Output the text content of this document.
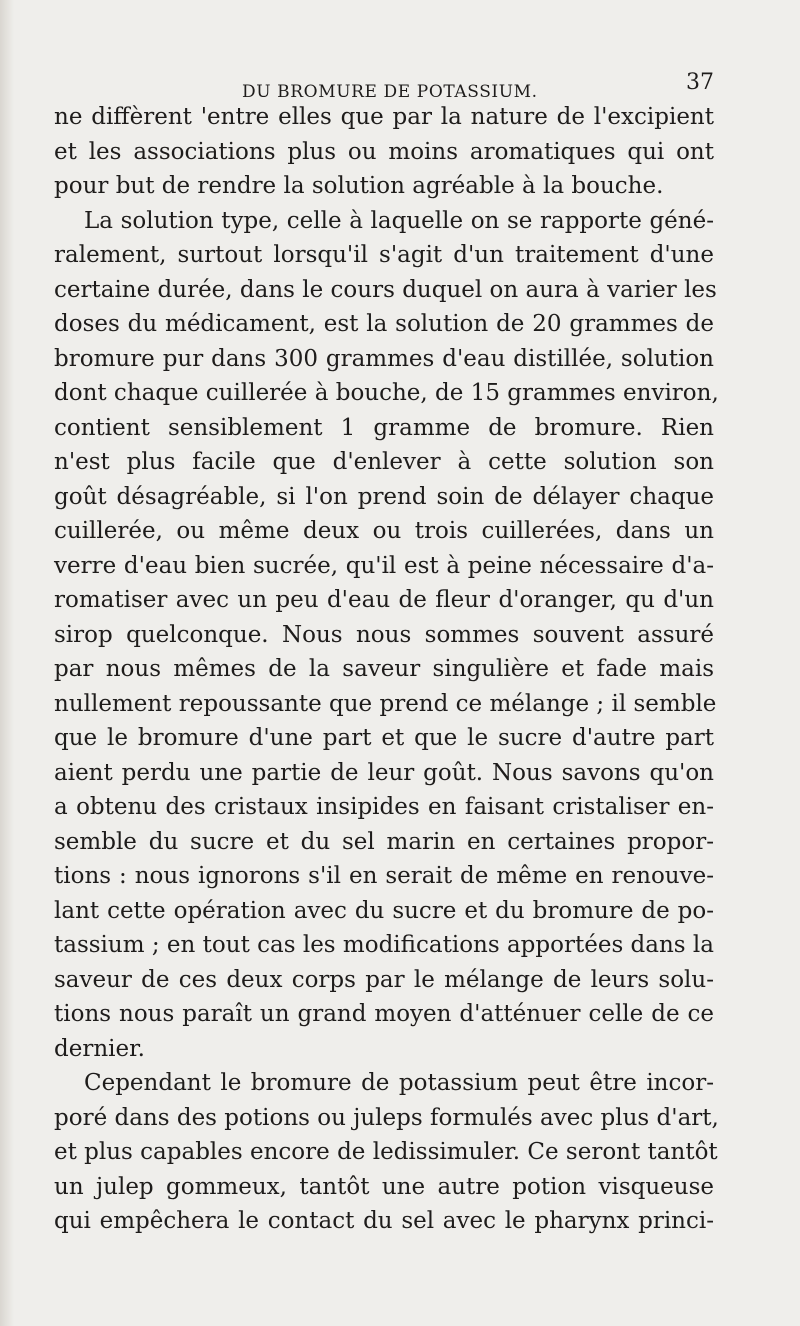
DU BROMURE DE POTASSIUM.	37
ne diffèrent 'entre elles que par la nature de l'excipient
et les associations plus ou moins aromatiques qui ont
pour but de rendre la solution agréable à la bouche.
La solution type, celle à laquelle on se rapporte géné-
ralement, surtout lorsqu'il s'agit d'un traitement d'une
certaine durée, dans le cours duquel on aura à varier les
doses du médicament, est la solution de 20 grammes de
bromure pur dans 300 grammes d'eau distillée, solution
dont chaque cuillerée à bouche, de 15 grammes environ,
contient sensiblement 1 gramme de bromure. Rien
n'est plus facile que d'enlever à cette solution son
goût désagréable, si l'on prend soin de délayer chaque
cuillerée, ou même deux ou trois cuillerées, dans un
verre d'eau bien sucrée, qu'il est à peine nécessaire d'a-
romatiser avec un peu d'eau de fleur d'oranger, qu d'un
sirop quelconque. Nous nous sommes souvent assuré
par nous mêmes de la saveur singulière et fade mais
nullement repoussante que prend ce mélange ; il semble
que le bromure d'une part et que le sucre d'autre part
aient perdu une partie de leur goût. Nous savons qu'on
a obtenu des cristaux insipides en faisant cristaliser en-
semble du sucre et du sel marin en certaines propor-
tions : nous ignorons s'il en serait de même en renouve-
lant cette opération avec du sucre et du bromure de po-
tassium ; en tout cas les modifications apportées dans la
saveur de ces deux corps par le mélange de leurs solu-
tions nous paraît un grand moyen d'atténuer celle de ce
dernier.
Cependant le bromure de potassium peut être incor-
poré dans des potions ou juleps formulés avec plus d'art,
et plus capables encore de ledissimuler. Ce seront tantôt
un julep gommeux, tantôt une autre potion visqueuse
qui empêchera le contact du sel avec le pharynx princi-
